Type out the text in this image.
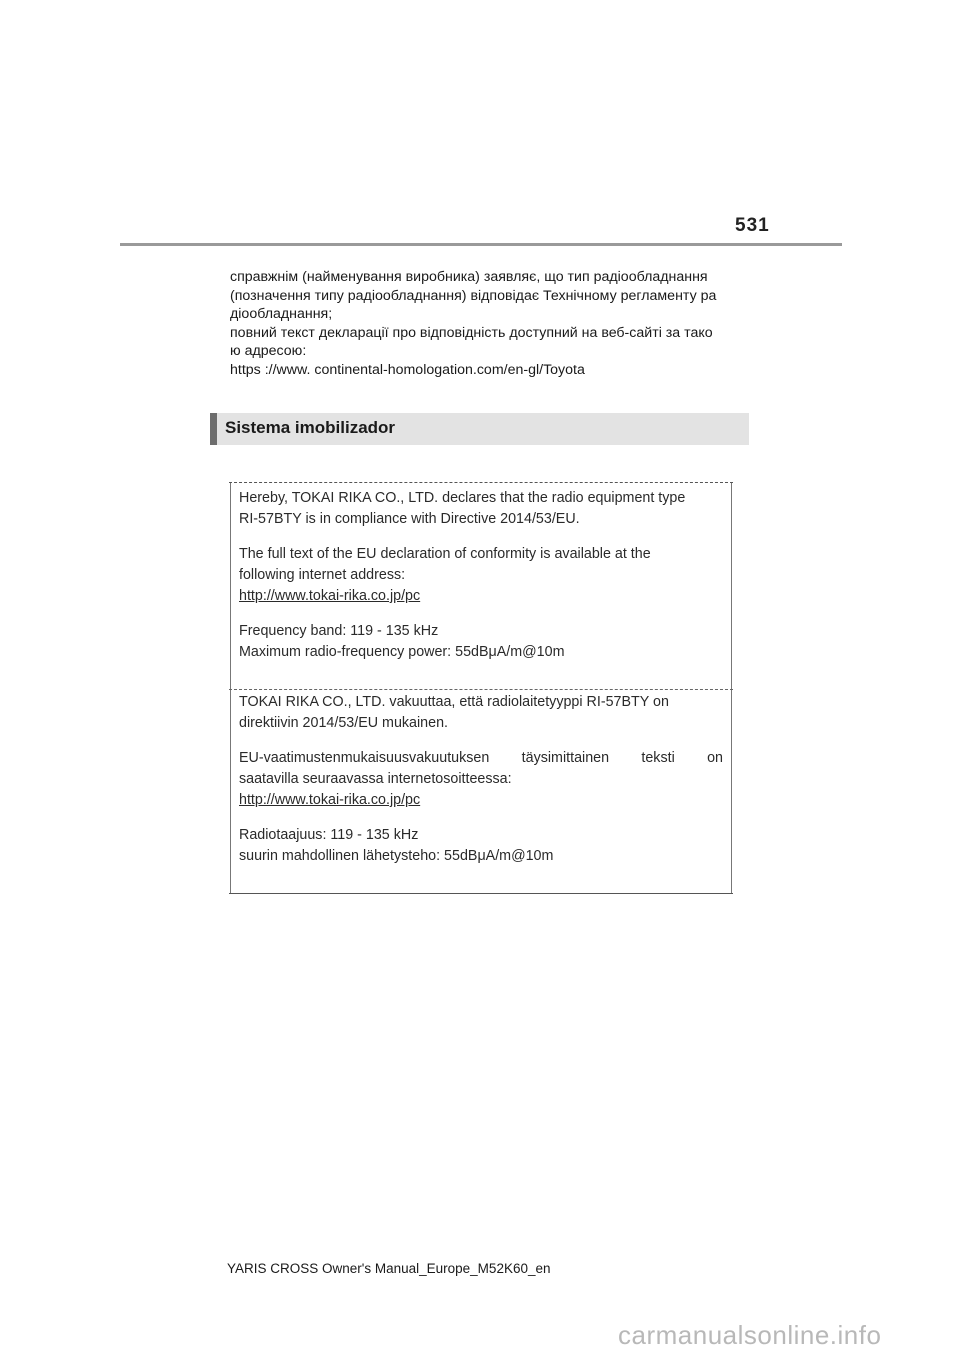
531

справжнім (найменування виробника) заявляє, що тип радіообладнання

(позначення типу радіообладнання) відповідає Технічному регламенту ра

діообладнання;

повний текст декларації про відповідність доступний на веб-сайті за тако

ю адресою:

https ://www. continental-homologation.com/en-gl/Toyota

Sistema imobilizador

Hereby, TOKAI RIKA CO., LTD. declares that the radio equipment type

RI-57BTY is in compliance with Directive 2014/53/EU.

The full text of the EU declaration of conformity is available at the

following internet address:

http://www.tokai-rika.co.jp/pc

Frequency band: 119 - 135 kHz

Maximum radio-frequency power: 55dBμA/m@10m

TOKAI RIKA CO., LTD. vakuuttaa, että radiolaitetyyppi RI-57BTY on

direktiivin 2014/53/EU mukainen.

EU-vaatimustenmukaisuusvakuutuksen täysimittainen teksti on

saatavilla seuraavassa internetosoitteessa:

http://www.tokai-rika.co.jp/pc

Radiotaajuus: 119 - 135 kHz

suurin mahdollinen lähetysteho: 55dBμA/m@10m

YARIS CROSS Owner's Manual_Europe_M52K60_en
carmanualsonline.info
